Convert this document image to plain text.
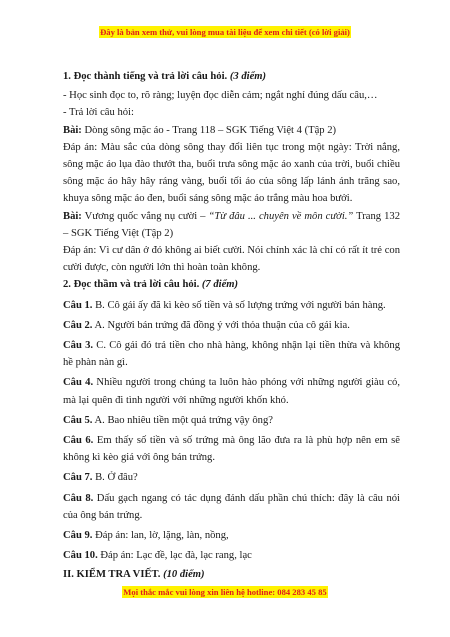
Đây là bản xem thử, vui lòng mua tài liệu để xem chi tiết (có lời giải)

1. Đọc thành tiếng và trả lời câu hỏi. (3 điểm)

- Học sinh đọc to, rõ ràng; luyện đọc diễn cảm; ngắt nghỉ đúng dấu câu,…

- Trả lời câu hỏi:

Bài: Dòng sông mặc áo - Trang 118 – SGK Tiếng Việt 4 (Tập 2)

Đáp án: Màu sắc của dòng sông thay đổi liên tục trong một ngày: Trời nắng, sông mặc áo lụa đào thướt tha, buổi trưa sông mặc áo xanh của trời, buổi chiều sông mặc áo hây hây ráng vàng, buổi tối áo của sông lấp lánh ánh trăng sao, khuya sông mặc áo đen, buổi sáng sông mặc áo trắng màu hoa bưởi.

Bài: Vương quốc vắng nụ cười – “Từ đâu ... chuyên về môn cười.” Trang 132 – SGK Tiếng Việt (Tập 2)

Đáp án: Vì cư dân ở đó không ai biết cười. Nói chính xác là chỉ có rất ít trẻ con cười được, còn người lớn thì hoàn toàn không.

2. Đọc thầm và trả lời câu hỏi. (7 điểm)

Câu 1. B. Cô gái ấy đã kì kèo số tiền và số lượng trứng với người bán hàng.

Câu 2. A. Người bán trứng đã đồng ý với thỏa thuận của cô gái kia.

Câu 3. C. Cô gái đó trả tiền cho nhà hàng, không nhận lại tiền thừa và không hề phàn nàn gì.

Câu 4. Nhiều người trong chúng ta luôn hào phóng với những người giàu có, mà lại quên đi tình người với những người khốn khó.

Câu 5. A. Bao nhiêu tiền một quả trứng vậy ông?

Câu 6. Em thấy số tiền và số trứng mà ông lão đưa ra là phù hợp nên em sẽ không kì kèo giá với ông bán trứng.

Câu 7. B. Ở đâu?

Câu 8. Dấu gạch ngang có tác dụng đánh dấu phần chú thích: đây là câu nói của ông bán trứng.

Câu 9. Đáp án: lan, lờ, lặng, làn, nồng,

Câu 10. Đáp án: Lạc đề, lạc đà, lạc rang, lạc

II. KIỂM TRA VIẾT. (10 điểm)

Mọi thắc mắc vui lòng xin liên hệ hotline: 084 283 45 85
